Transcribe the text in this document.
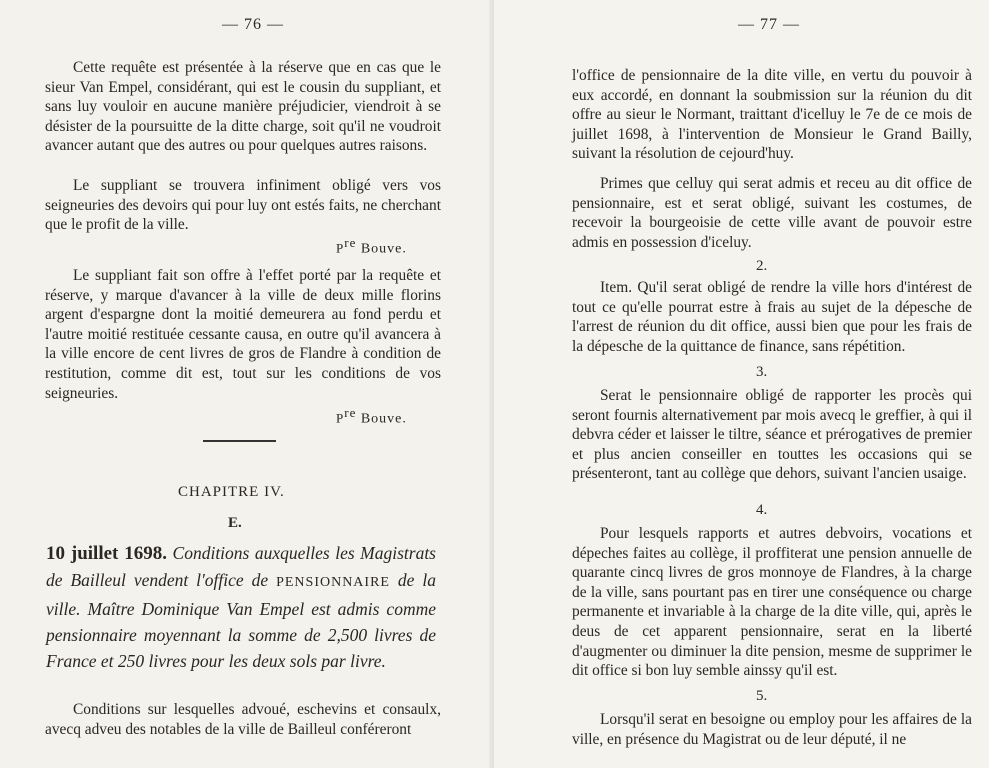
— 76 —

Cette requête est présentée à la réserve que en cas que le sieur Van Empel, considérant, qui est le cousin du suppliant, et sans luy vouloir en aucune manière préjudicier, viendroit à se désister de la poursuitte de la ditte charge, soit qu'il ne voudroit avancer autant que des autres ou pour quelques autres raisons.

Le suppliant se trouvera infiniment obligé vers vos seigneuries des devoirs qui pour luy ont estés faits, ne cherchant que le profit de la ville.

$P^{re}$ Bouve.

Le suppliant fait son offre à l'effet porté par la requête et réserve, y marque d'avancer à la ville de deux mille florins argent d'espargne dont la moitié demeurera au fond perdu et l'autre moitié restituée cessante causa, en outre qu'il avancera à la ville encore de cent livres de gros de Flandre à condition de restitution, comme dit est, tout sur les conditions de vos seigneuries.

$P^{re}$ Bouve.
CHAPITRE IV.
E.
10 juillet 1698. Conditions auxquelles les Magistrats de Bailleul vendent l'office de PENSIONNAIRE de la ville. Maître Dominique Van Empel est admis comme pensionnaire moyennant la somme de 2,500 livres de France et 250 livres pour les deux sols par livre.

Conditions sur lesquelles advoué, eschevins et consaulx, avecq adveu des notables de la ville de Bailleul conféreront

— 77 —

l'office de pensionnaire de la dite ville, en vertu du pouvoir à eux accordé, en donnant la soubmission sur la réunion du dit offre au sieur le Normant, traittant d'icelluy le 7e de ce mois de juillet 1698, à l'intervention de Monsieur le Grand Bailly, suivant la résolution de cejourd'huy.

Primes que celluy qui serat admis et receu au dit office de pensionnaire, est et serat obligé, suivant les costumes, de recevoir la bourgeoisie de cette ville avant de pouvoir estre admis en possession d'iceluy.

2.

Item. Qu'il serat obligé de rendre la ville hors d'intérest de tout ce qu'elle pourrat estre à frais au sujet de la dépesche de l'arrest de réunion du dit office, aussi bien que pour les frais de la dépesche de la quittance de finance, sans répétition.

3.

Serat le pensionnaire obligé de rapporter les procès qui seront fournis alternativement par mois avecq le greffier, à qui il debvra céder et laisser le tiltre, séance et prérogatives de premier et plus ancien conseiller en touttes les occasions qui se présenteront, tant au collège que dehors, suivant l'ancien usaige.

4.

Pour lesquels rapports et autres debvoirs, vocations et dépeches faites au collège, il proffiterat une pension annuelle de quarante cincq livres de gros monnoye de Flandres, à la charge de la ville, sans pourtant pas en tirer une conséquence ou charge permanente et invariable à la charge de la dite ville, qui, après le deus de cet apparent pensionnaire, serat en la liberté d'augmenter ou diminuer la dite pension, mesme de supprimer le dit office si bon luy semble ainssy qu'il est.

5.

Lorsqu'il serat en besoigne ou employ pour les affaires de la ville, en présence du Magistrat ou de leur député, il ne
